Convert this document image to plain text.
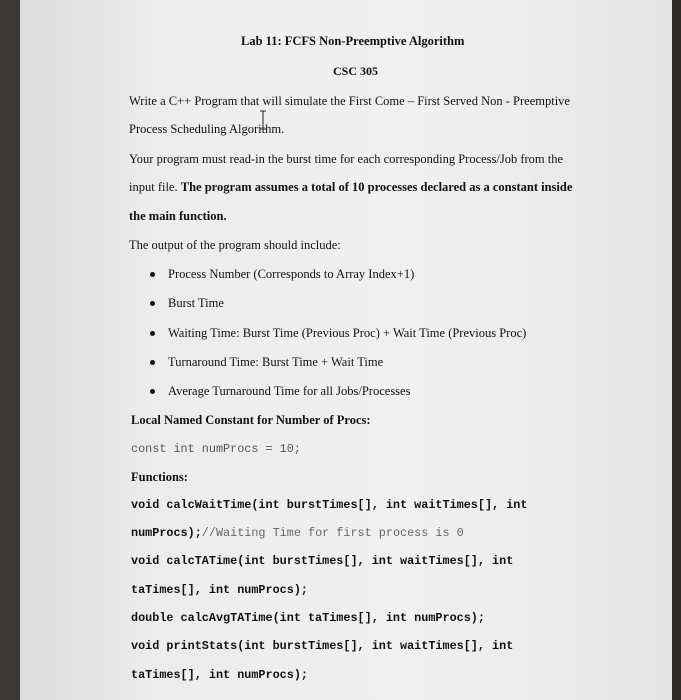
Lab 11: FCFS Non-Preemptive Algorithm
CSC 305
Write a C++ Program that will simulate the First Come – First Served Non - Preemptive
Process Scheduling Algorithm.
Your program must read-in the burst time for each corresponding Process/Job from the
input file. The program assumes a total of 10 processes declared as a constant inside
the main function.
The output of the program should include:
Process Number (Corresponds to Array Index+1)
Burst Time
Waiting Time: Burst Time (Previous Proc) + Wait Time (Previous Proc)
Turnaround Time: Burst Time + Wait Time
Average Turnaround Time for all Jobs/Processes
Local Named Constant for Number of Procs:
const int numProcs = 10;
Functions:
void calcWaitTime(int burstTimes[], int waitTimes[], int
numProcs);//Waiting Time for first process is 0
void calcTATime(int burstTimes[], int waitTimes[], int
taTimes[], int numProcs);
double calcAvgTATime(int taTimes[], int numProcs);
void printStats(int burstTimes[], int waitTimes[], int
taTimes[], int numProcs);
